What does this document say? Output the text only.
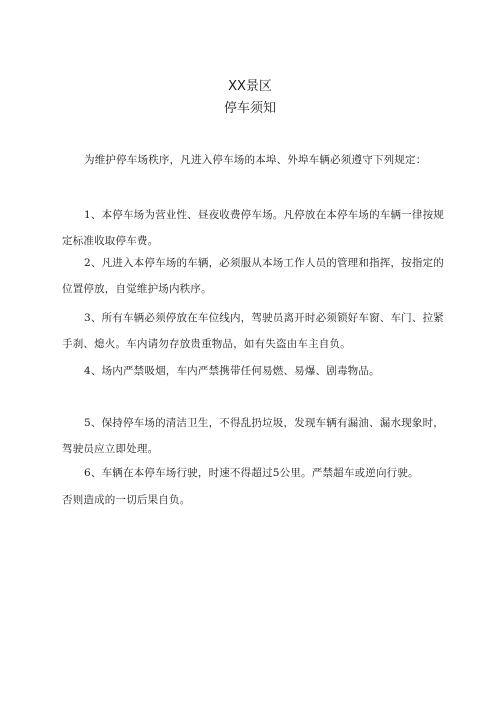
XX景区
停车须知

为维护停车场秩序，凡进入停车场的本埠、外埠车辆必须遵守下列规定：

1、本停车场为营业性、昼夜收费停车场。凡停放在本停车场的车辆一律按规定标准收取停车费。

2、凡进入本停车场的车辆，必须服从本场工作人员的管理和指挥，按指定的位置停放，自觉维护场内秩序。

3、所有车辆必须停放在车位线内，驾驶员离开时必须锁好车窗、车门、拉紧手刹、熄火。车内请勿存放贵重物品，如有失盗由车主自负。

4、场内严禁吸烟，车内严禁携带任何易燃、易爆、剧毒物品。

5、保持停车场的清洁卫生，不得乱扔垃圾，发现车辆有漏油、漏水现象时，驾驶员应立即处理。

6、车辆在本停车场行驶，时速不得超过5公里。严禁超车或逆向行驶。

否则造成的一切后果自负。
